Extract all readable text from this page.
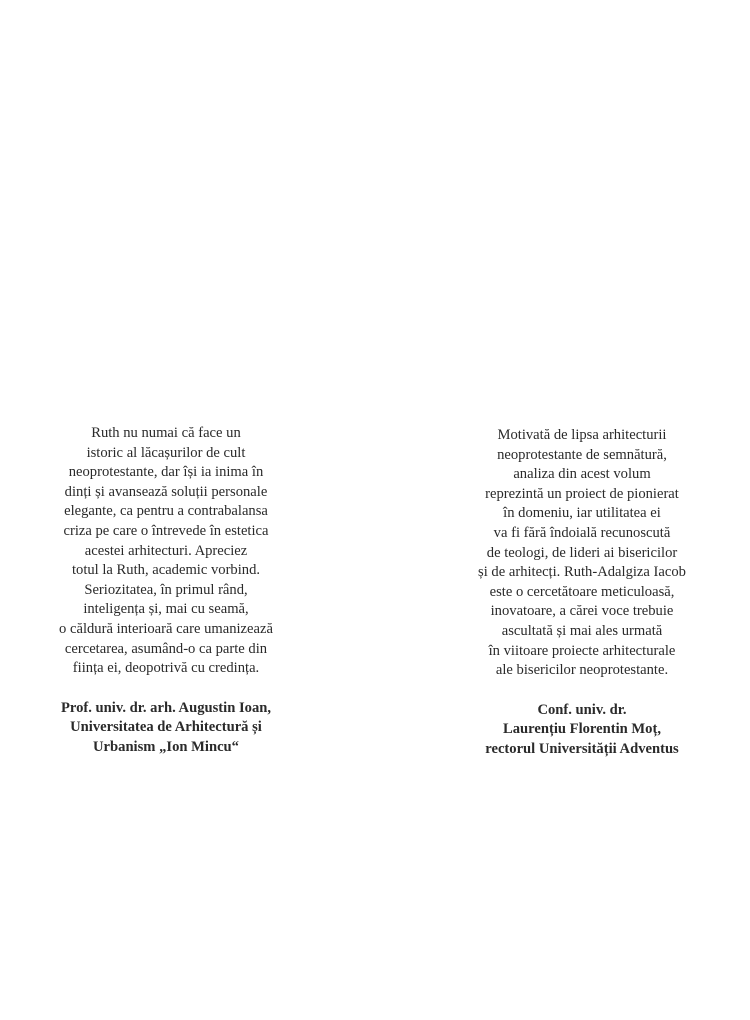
Ruth nu numai că face un
istoric al lăcașurilor de cult
neoprotestante, dar își ia inima în
dinți și avansează soluții personale
elegante, ca pentru a contrabalansa
criza pe care o întrevede în estetica
acestei arhitecturi. Apreciez
totul la Ruth, academic vorbind.
Seriozitatea, în primul rând,
inteligența și, mai cu seamă,
o căldură interioară care umanizează
cercetarea, asumând-o ca parte din
ființa ei, deopotrivă cu credința.
Prof. univ. dr. arh. Augustin Ioan,
Universitatea de Arhitectură și
Urbanism „Ion Mincu“
Motivată de lipsa arhitecturii
neoprotestante de semnătură,
analiza din acest volum
reprezintă un proiect de pionierat
în domeniu, iar utilitatea ei
va fi fără îndoială recunoscută
de teologi, de lideri ai bisericilor
și de arhitecți. Ruth-Adalgiza Iacob
este o cercetătoare meticuloasă,
inovatoare, a cărei voce trebuie
ascultată și mai ales urmată
în viitoare proiecte arhitecturale
ale bisericilor neoprotestante.
Conf. univ. dr.
Laurențiu Florentin Moț,
rectorul Universității Adventus
